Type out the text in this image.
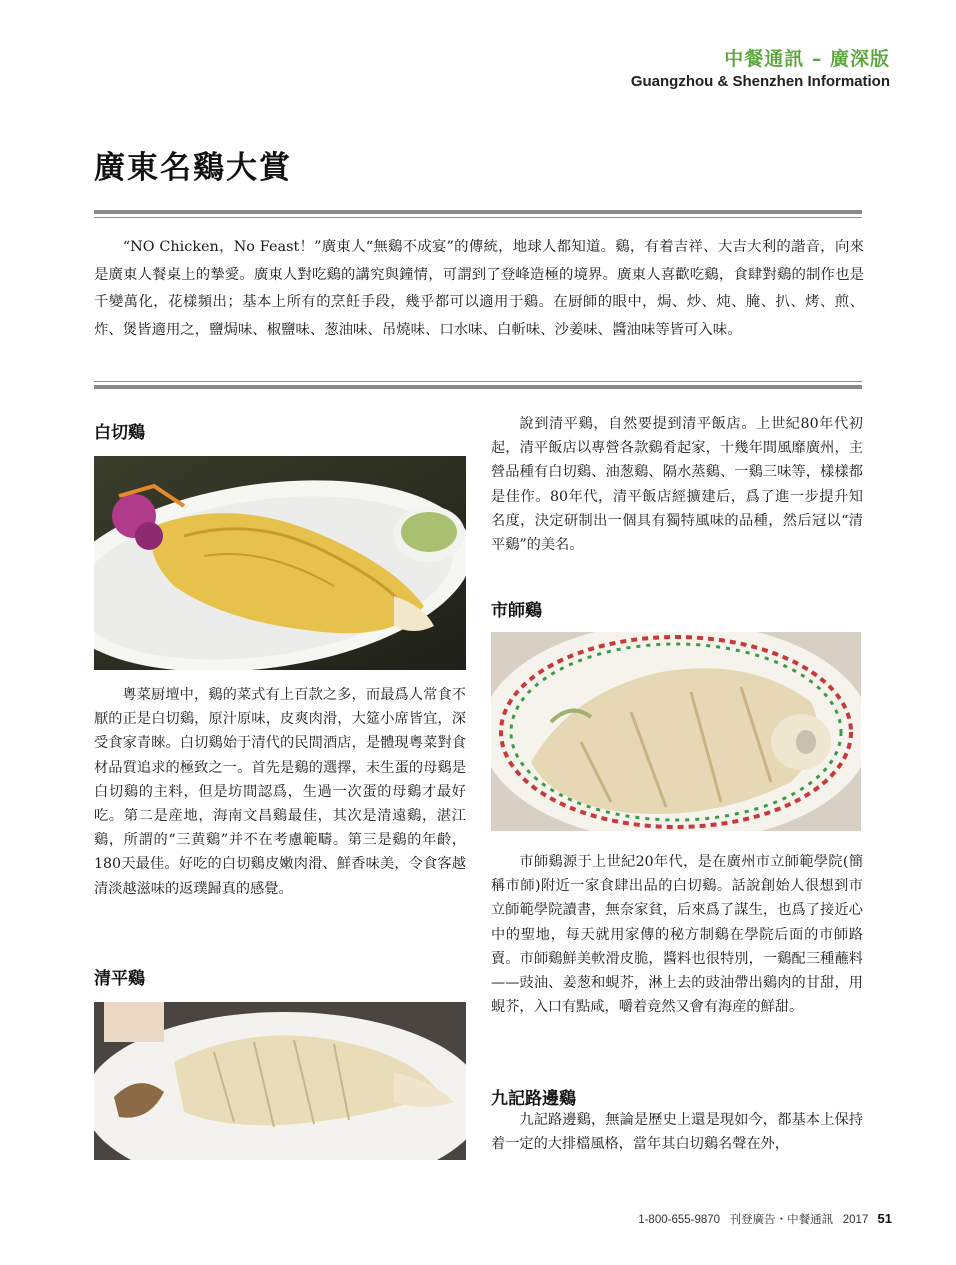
中餐通訊 – 廣深版
Guangzhou & Shenzhen Information
廣東名鷄大賞
“NO Chicken，No Feast！”廣東人“無鷄不成宴”的傳統，地球人都知道。鷄，有着吉祥、大吉大利的諧音，向來是廣東人餐桌上的摯愛。廣東人對吃鷄的講究與鐘情，可謂到了登峰造極的境界。廣東人喜歡吃鷄，食肆對鷄的制作也是千變萬化，花樣頻出；基本上所有的烹飪手段，幾乎都可以適用于鷄。在厨師的眼中，焗、炒、炖、腌、扒、烤、煎、炸、煲皆適用之，鹽焗味、椒鹽味、葱油味、吊燒味、口水味、白斬味、沙姜味、醬油味等皆可入味。
白切鷄
粵菜厨壇中，鷄的菜式有上百款之多，而最爲人常食不厭的正是白切鷄，原汁原味，皮爽肉滑，大筵小席皆宜，深受食家青睞。白切鷄始于清代的民間酒店，是體現粵菜對食材品質追求的極致之一。首先是鷄的選擇，未生蛋的母鷄是白切鷄的主料，但是坊間認爲，生過一次蛋的母鷄才最好吃。第二是産地，海南文昌鷄最佳，其次是清遠鷄，湛江鷄，所謂的“三黄鷄”并不在考慮範疇。第三是鷄的年齡，180天最佳。好吃的白切鷄皮嫩肉滑、鮮香味美，令食客越清淡越滋味的返璞歸真的感覺。
清平鷄
說到清平鷄，自然要提到清平飯店。上世紀80年代初起，清平飯店以專營各款鷄肴起家，十幾年間風靡廣州，主營品種有白切鷄、油葱鷄、隔水蒸鷄、一鷄三味等，樣樣都是佳作。80年代，清平飯店經擴建后，爲了進一步提升知名度，決定研制出一個具有獨特風味的品種，然后冠以“清平鷄”的美名。
市師鷄
市師鷄源于上世紀20年代，是在廣州市立師範學院(簡稱市師)附近一家食肆出品的白切鷄。話說創始人很想到市立師範學院讀書，無奈家貧，后來爲了謀生，也爲了接近心中的聖地，每天就用家傳的秘方制鷄在學院后面的市師路賣。市師鷄鮮美軟滑皮脆，醬料也很特別，一鷄配三種蘸料——豉油、姜葱和蜆芥，淋上去的豉油帶出鷄肉的甘甜，用蜆芥，入口有點咸，嚼着竟然又會有海産的鮮甜。
九記路邊鷄
九記路邊鷄，無論是歷史上還是現如今，都基本上保持着一定的大排檔風格，當年其白切鷄名聲在外，
1-800-655-9870 刊登廣告・中餐通訊 2017 51
